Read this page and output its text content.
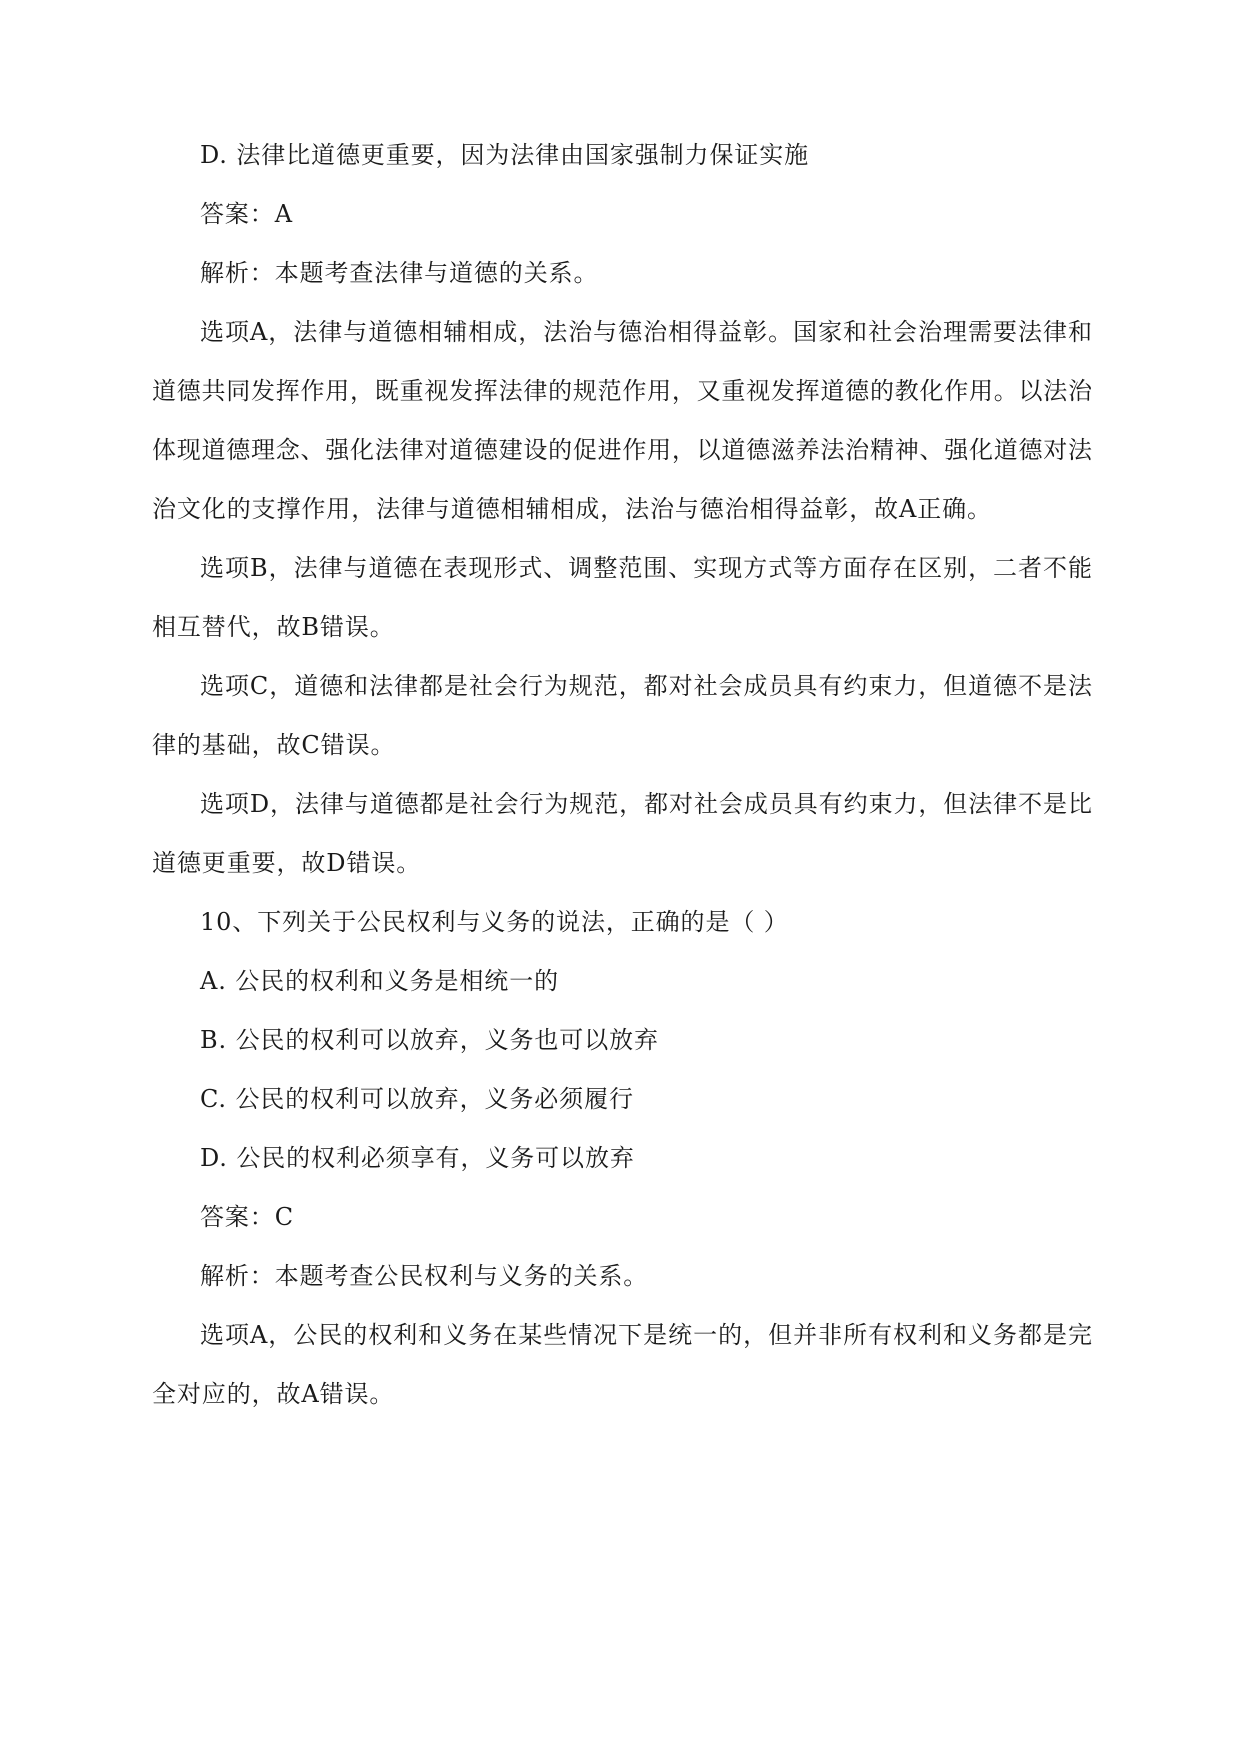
D. 法律比道德更重要，因为法律由国家强制力保证实施
答案：A
解析：本题考查法律与道德的关系。
选项A，法律与道德相辅相成，法治与德治相得益彰。国家和社会治理需要法律和
道德共同发挥作用，既重视发挥法律的规范作用，又重视发挥道德的教化作用。以法治
体现道德理念、强化法律对道德建设的促进作用，以道德滋养法治精神、强化道德对法
治文化的支撑作用，法律与道德相辅相成，法治与德治相得益彰，故A正确。
选项B，法律与道德在表现形式、调整范围、实现方式等方面存在区别，二者不能
相互替代，故B错误。
选项C，道德和法律都是社会行为规范，都对社会成员具有约束力，但道德不是法
律的基础，故C错误。
选项D，法律与道德都是社会行为规范，都对社会成员具有约束力，但法律不是比
道德更重要，故D错误。
10、下列关于公民权利与义务的说法，正确的是（ ）
A. 公民的权利和义务是相统一的
B. 公民的权利可以放弃，义务也可以放弃
C. 公民的权利可以放弃，义务必须履行
D. 公民的权利必须享有，义务可以放弃
答案：C
解析：本题考查公民权利与义务的关系。
选项A，公民的权利和义务在某些情况下是统一的，但并非所有权利和义务都是完
全对应的，故A错误。
